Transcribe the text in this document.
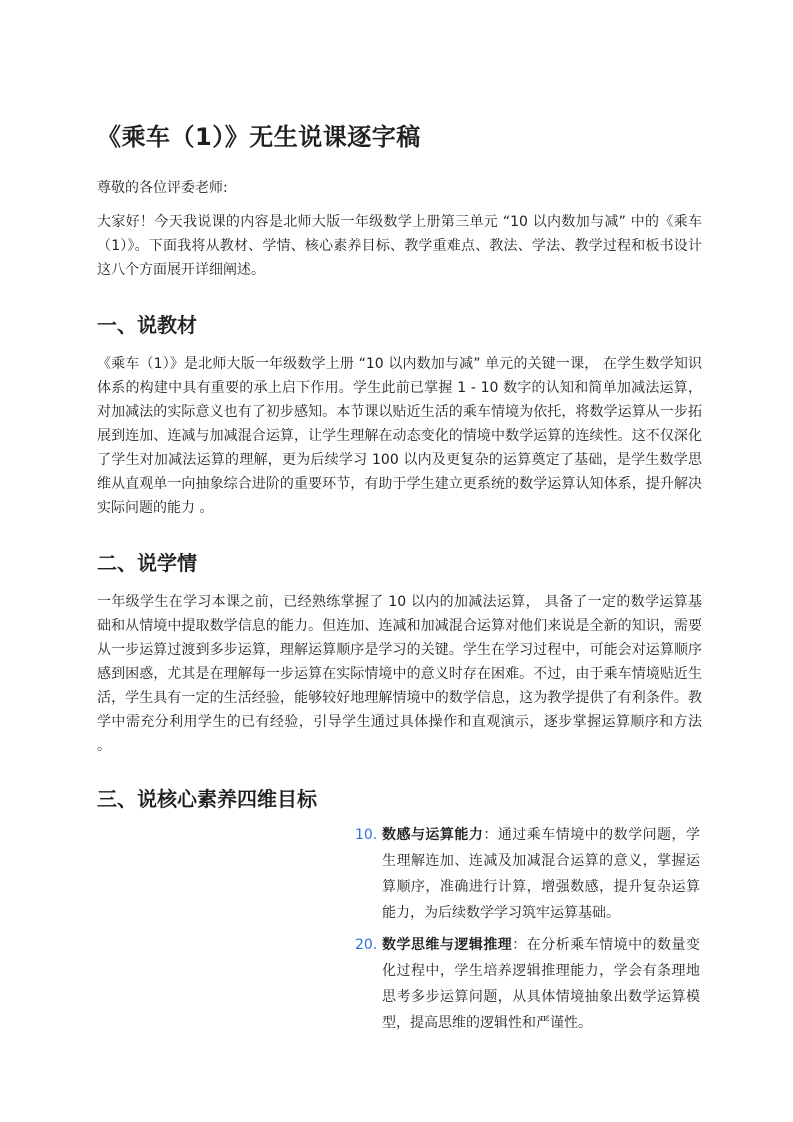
《乘车（1）》无生说课逐字稿

尊敬的各位评委老师:

大家好！今天我说课的内容是北师大版一年级数学上册第三单元 “10 以内数加与减” 中的《乘车（1）》。下面我将从教材、学情、核心素养目标、教学重难点、教法、学法、教学过程和板书设计这八个方面展开详细阐述。

一、说教材

《乘车（1）》是北师大版一年级数学上册 “10 以内数加与减” 单元的关键一课， 在学生数学知识体系的构建中具有重要的承上启下作用。学生此前已掌握 1 - 10 数字的认知和简单加减法运算，对加减法的实际意义也有了初步感知。本节课以贴近生活的乘车情境为依托，将数学运算从一步拓展到连加、连减与加减混合运算，让学生理解在动态变化的情境中数学运算的连续性。这不仅深化了学生对加减法运算的理解，更为后续学习 100 以内及更复杂的运算奠定了基础，是学生数学思维从直观单一向抽象综合进阶的重要环节，有助于学生建立更系统的数学运算认知体系，提升解决实际问题的能力 。

二、说学情

一年级学生在学习本课之前，已经熟练掌握了 10 以内的加减法运算， 具备了一定的数学运算基础和从情境中提取数学信息的能力。但连加、连减和加减混合运算对他们来说是全新的知识，需要从一步运算过渡到多步运算，理解运算顺序是学习的关键。学生在学习过程中，可能会对运算顺序感到困惑，尤其是在理解每一步运算在实际情境中的意义时存在困难。不过，由于乘车情境贴近生活，学生具有一定的生活经验，能够较好地理解情境中的数学信息，这为教学提供了有利条件。教学中需充分利用学生的已有经验，引导学生通过具体操作和直观演示，逐步掌握运算顺序和方法 。

三、说核心素养四维目标
10. 数感与运算能力：通过乘车情境中的数学问题，学生理解连加、连减及加减混合运算的意义，掌握运算顺序，准确进行计算，增强数感，提升复杂运算能力，为后续数学学习筑牢运算基础。
20. 数学思维与逻辑推理：在分析乘车情境中的数量变化过程中，学生培养逻辑推理能力，学会有条理地思考多步运算问题，从具体情境抽象出数学运算模型，提高思维的逻辑性和严谨性。
